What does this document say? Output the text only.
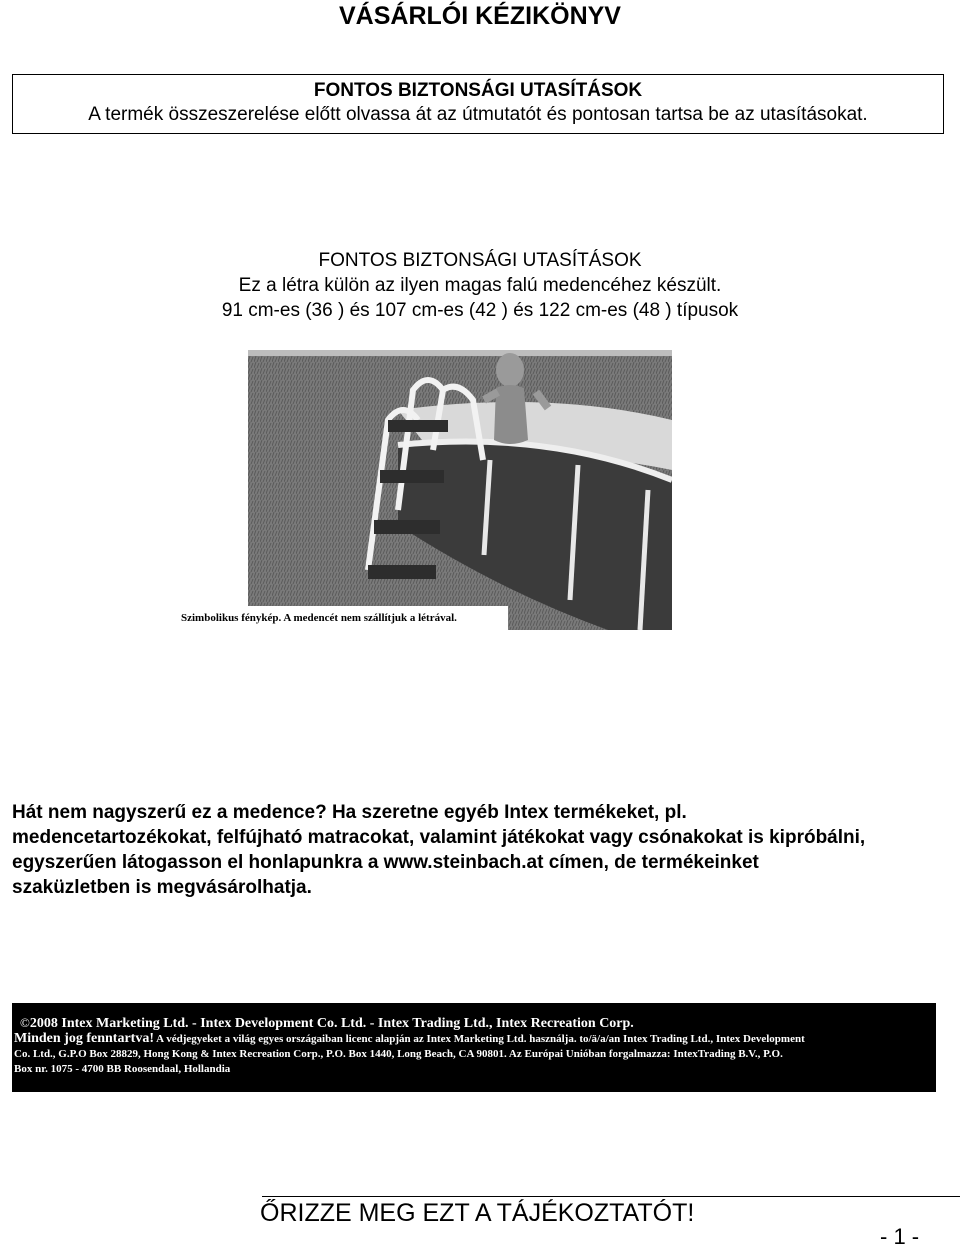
VÁSÁRLÓI KÉZIKÖNYV
FONTOS BIZTONSÁGI UTASÍTÁSOK
A termék összeszerelése előtt olvassa át az útmutatót és pontosan tartsa be az utasításokat.
FONTOS BIZTONSÁGI UTASÍTÁSOK
Ez a létra külön az ilyen magas falú medencéhez készült.
91 cm-es (36 ) és 107 cm-es (42 ) és 122 cm-es (48 ) típusok
Szimbolikus fénykép. A medencét nem szállítjuk a létrával.
Hát nem nagyszerű ez a medence? Ha szeretne egyéb Intex termékeket, pl.
medencetartozékokat, felfújható matracokat, valamint játékokat vagy csónakokat is kipróbálni,
egyszerűen látogasson el honlapunkra a www.steinbach.at címen, de termékeinket
szaküzletben is megvásárolhatja.
©2008 Intex Marketing Ltd. - Intex Development Co. Ltd. - Intex Trading Ltd., Intex Recreation Corp.
Minden jog fenntartva! A védjegyeket a világ egyes országaiban licenc alapján az Intex Marketing Ltd. használja. to/ä/a/an Intex Trading Ltd., Intex Development
Co. Ltd., G.P.O Box 28829, Hong Kong & Intex Recreation Corp., P.O. Box 1440, Long Beach, CA 90801. Az Európai Unióban forgalmazza: IntexTrading B.V., P.O.
Box nr. 1075 - 4700 BB Roosendaal, Hollandia
ŐRIZZE MEG EZT A TÁJÉKOZTATÓT!
- 1 -
